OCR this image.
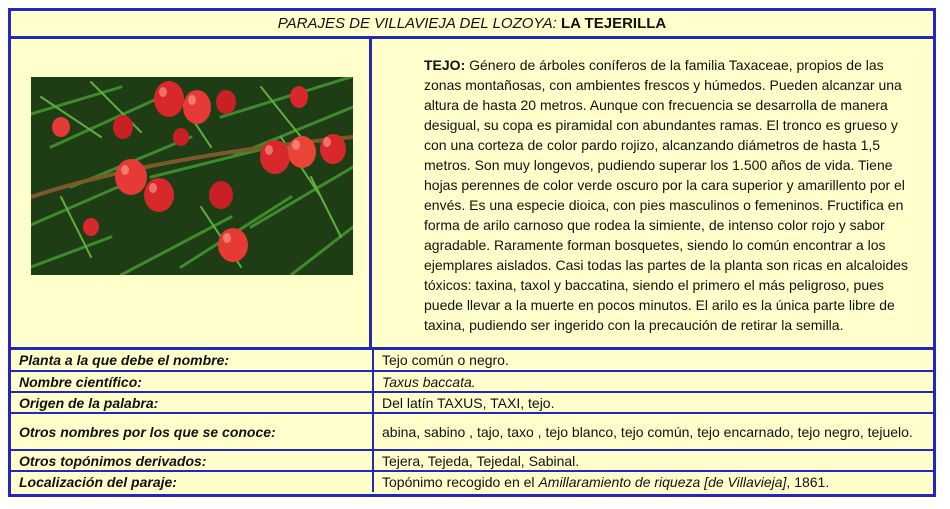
PARAJES DE VILLAVIEJA DEL LOZOYA: LA TEJERILLA
TEJO: Género de árboles coníferos de la familia Taxaceae, propios de las zonas montañosas, con ambientes frescos y húmedos. Pueden alcanzar una altura de hasta 20 metros. Aunque con frecuencia se desarrolla de manera desigual, su copa es piramidal con abundantes ramas. El tronco es grueso y con una corteza de color pardo rojizo, alcanzando diámetros de hasta 1,5 metros. Son muy longevos, pudiendo superar los 1.500 años de vida. Tiene hojas perennes de color verde oscuro por la cara superior y amarillento por el envés. Es una especie dioica, con pies masculinos o femeninos. Fructifica en forma de arilo carnoso que rodea la simiente, de intenso color rojo y sabor agradable. Raramente forman bosquetes, siendo lo común encontrar a los ejemplares aislados. Casi todas las partes de la planta son ricas en alcaloides tóxicos: taxina, taxol y baccatina, siendo el primero el más peligroso, pues puede llevar a la muerte en pocos minutos. El arilo es la única parte libre de taxina, pudiendo ser ingerido con la precaución de retirar la semilla.
Planta a la que debe el nombre:	Tejo común o negro.
Nombre científico:	Taxus baccata.
Origen de la palabra:	Del latín TAXUS, TAXI, tejo.
Otros nombres por los que se conoce:	abina, sabino , tajo, taxo , tejo blanco, tejo común, tejo encarnado, tejo negro, tejuelo.
Otros topónimos derivados:	Tejera, Tejeda, Tejedal, Sabinal.
Localización del paraje:	Topónimo recogido en el Amillaramiento de riqueza [de Villavieja], 1861.
